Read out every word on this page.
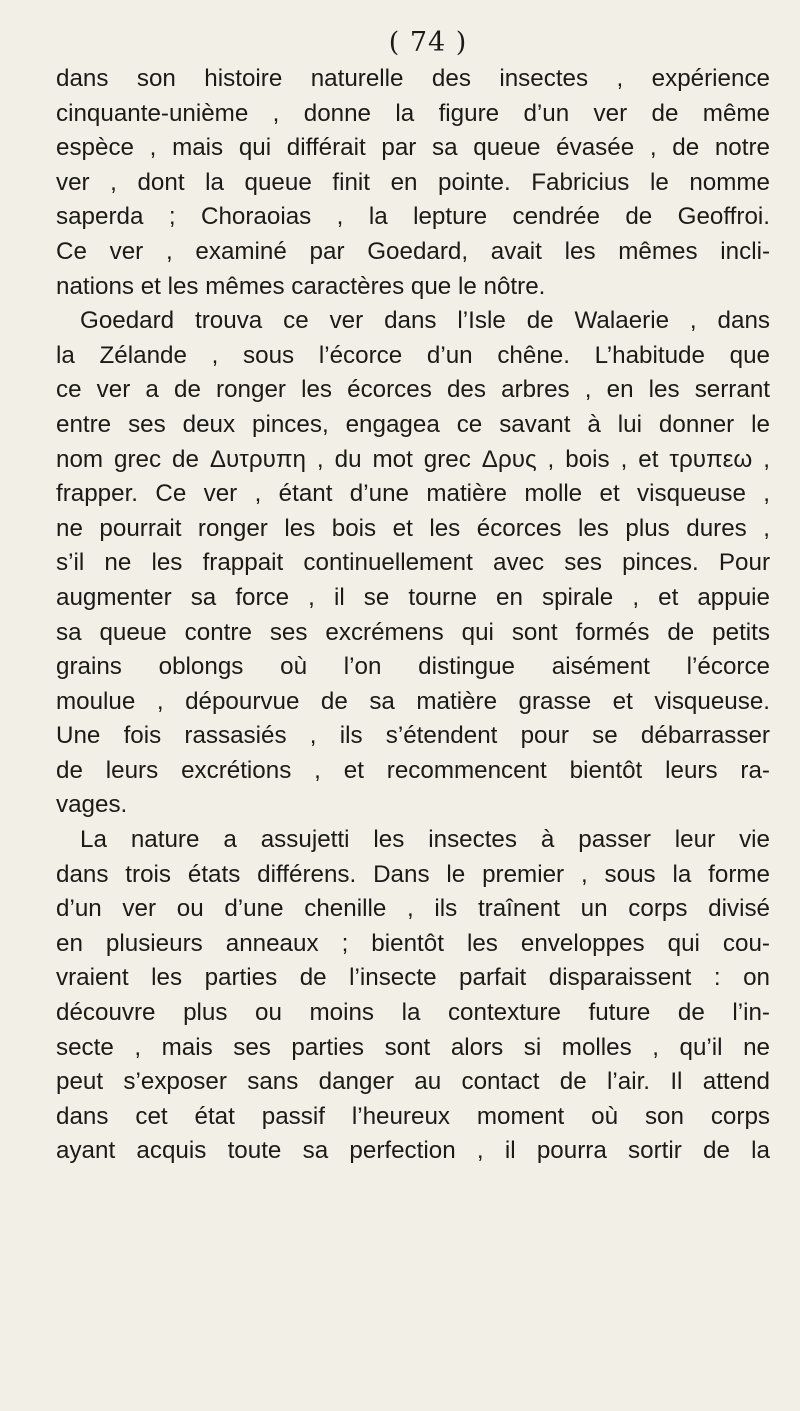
( 74 )
dans son histoire naturelle des insectes , expérience
cinquante-unième , donne la figure d’un ver de même
espèce , mais qui différait par sa queue évasée , de notre
ver , dont la queue finit en pointe. Fabricius le nomme
saperda ; Choraoias , la lepture cendrée de Geoffroi.
Ce ver , examiné par Goedard, avait les mêmes incli-
nations et les mêmes caractères que le nôtre.
Goedard trouva ce ver dans l’Isle de Walaerie , dans
la Zélande , sous l’écorce d’un chêne. L’habitude que
ce ver a de ronger les écorces des arbres , en les serrant
entre ses deux pinces, engagea ce savant à lui donner le
nom grec de Δυτρυπη , du mot grec Δρυς , bois , et τρυπεω ,
frapper. Ce ver , étant d’une matière molle et visqueuse ,
ne pourrait ronger les bois et les écorces les plus dures ,
s’il ne les frappait continuellement avec ses pinces. Pour
augmenter sa force , il se tourne en spirale , et appuie
sa queue contre ses excrémens qui sont formés de petits
grains oblongs où l’on distingue aisément l’écorce
moulue , dépourvue de sa matière grasse et visqueuse.
Une fois rassasiés , ils s’étendent pour se débarrasser
de leurs excrétions , et recommencent bientôt leurs ra-
vages.
La nature a assujetti les insectes à passer leur vie
dans trois états différens. Dans le premier , sous la forme
d’un ver ou d’une chenille , ils traînent un corps divisé
en plusieurs anneaux ; bientôt les enveloppes qui cou-
vraient les parties de l’insecte parfait disparaissent : on
découvre plus ou moins la contexture future de l’in-
secte , mais ses parties sont alors si molles , qu’il ne
peut s’exposer sans danger au contact de l’air. Il attend
dans cet état passif l’heureux moment où son corps
ayant acquis toute sa perfection , il pourra sortir de la
